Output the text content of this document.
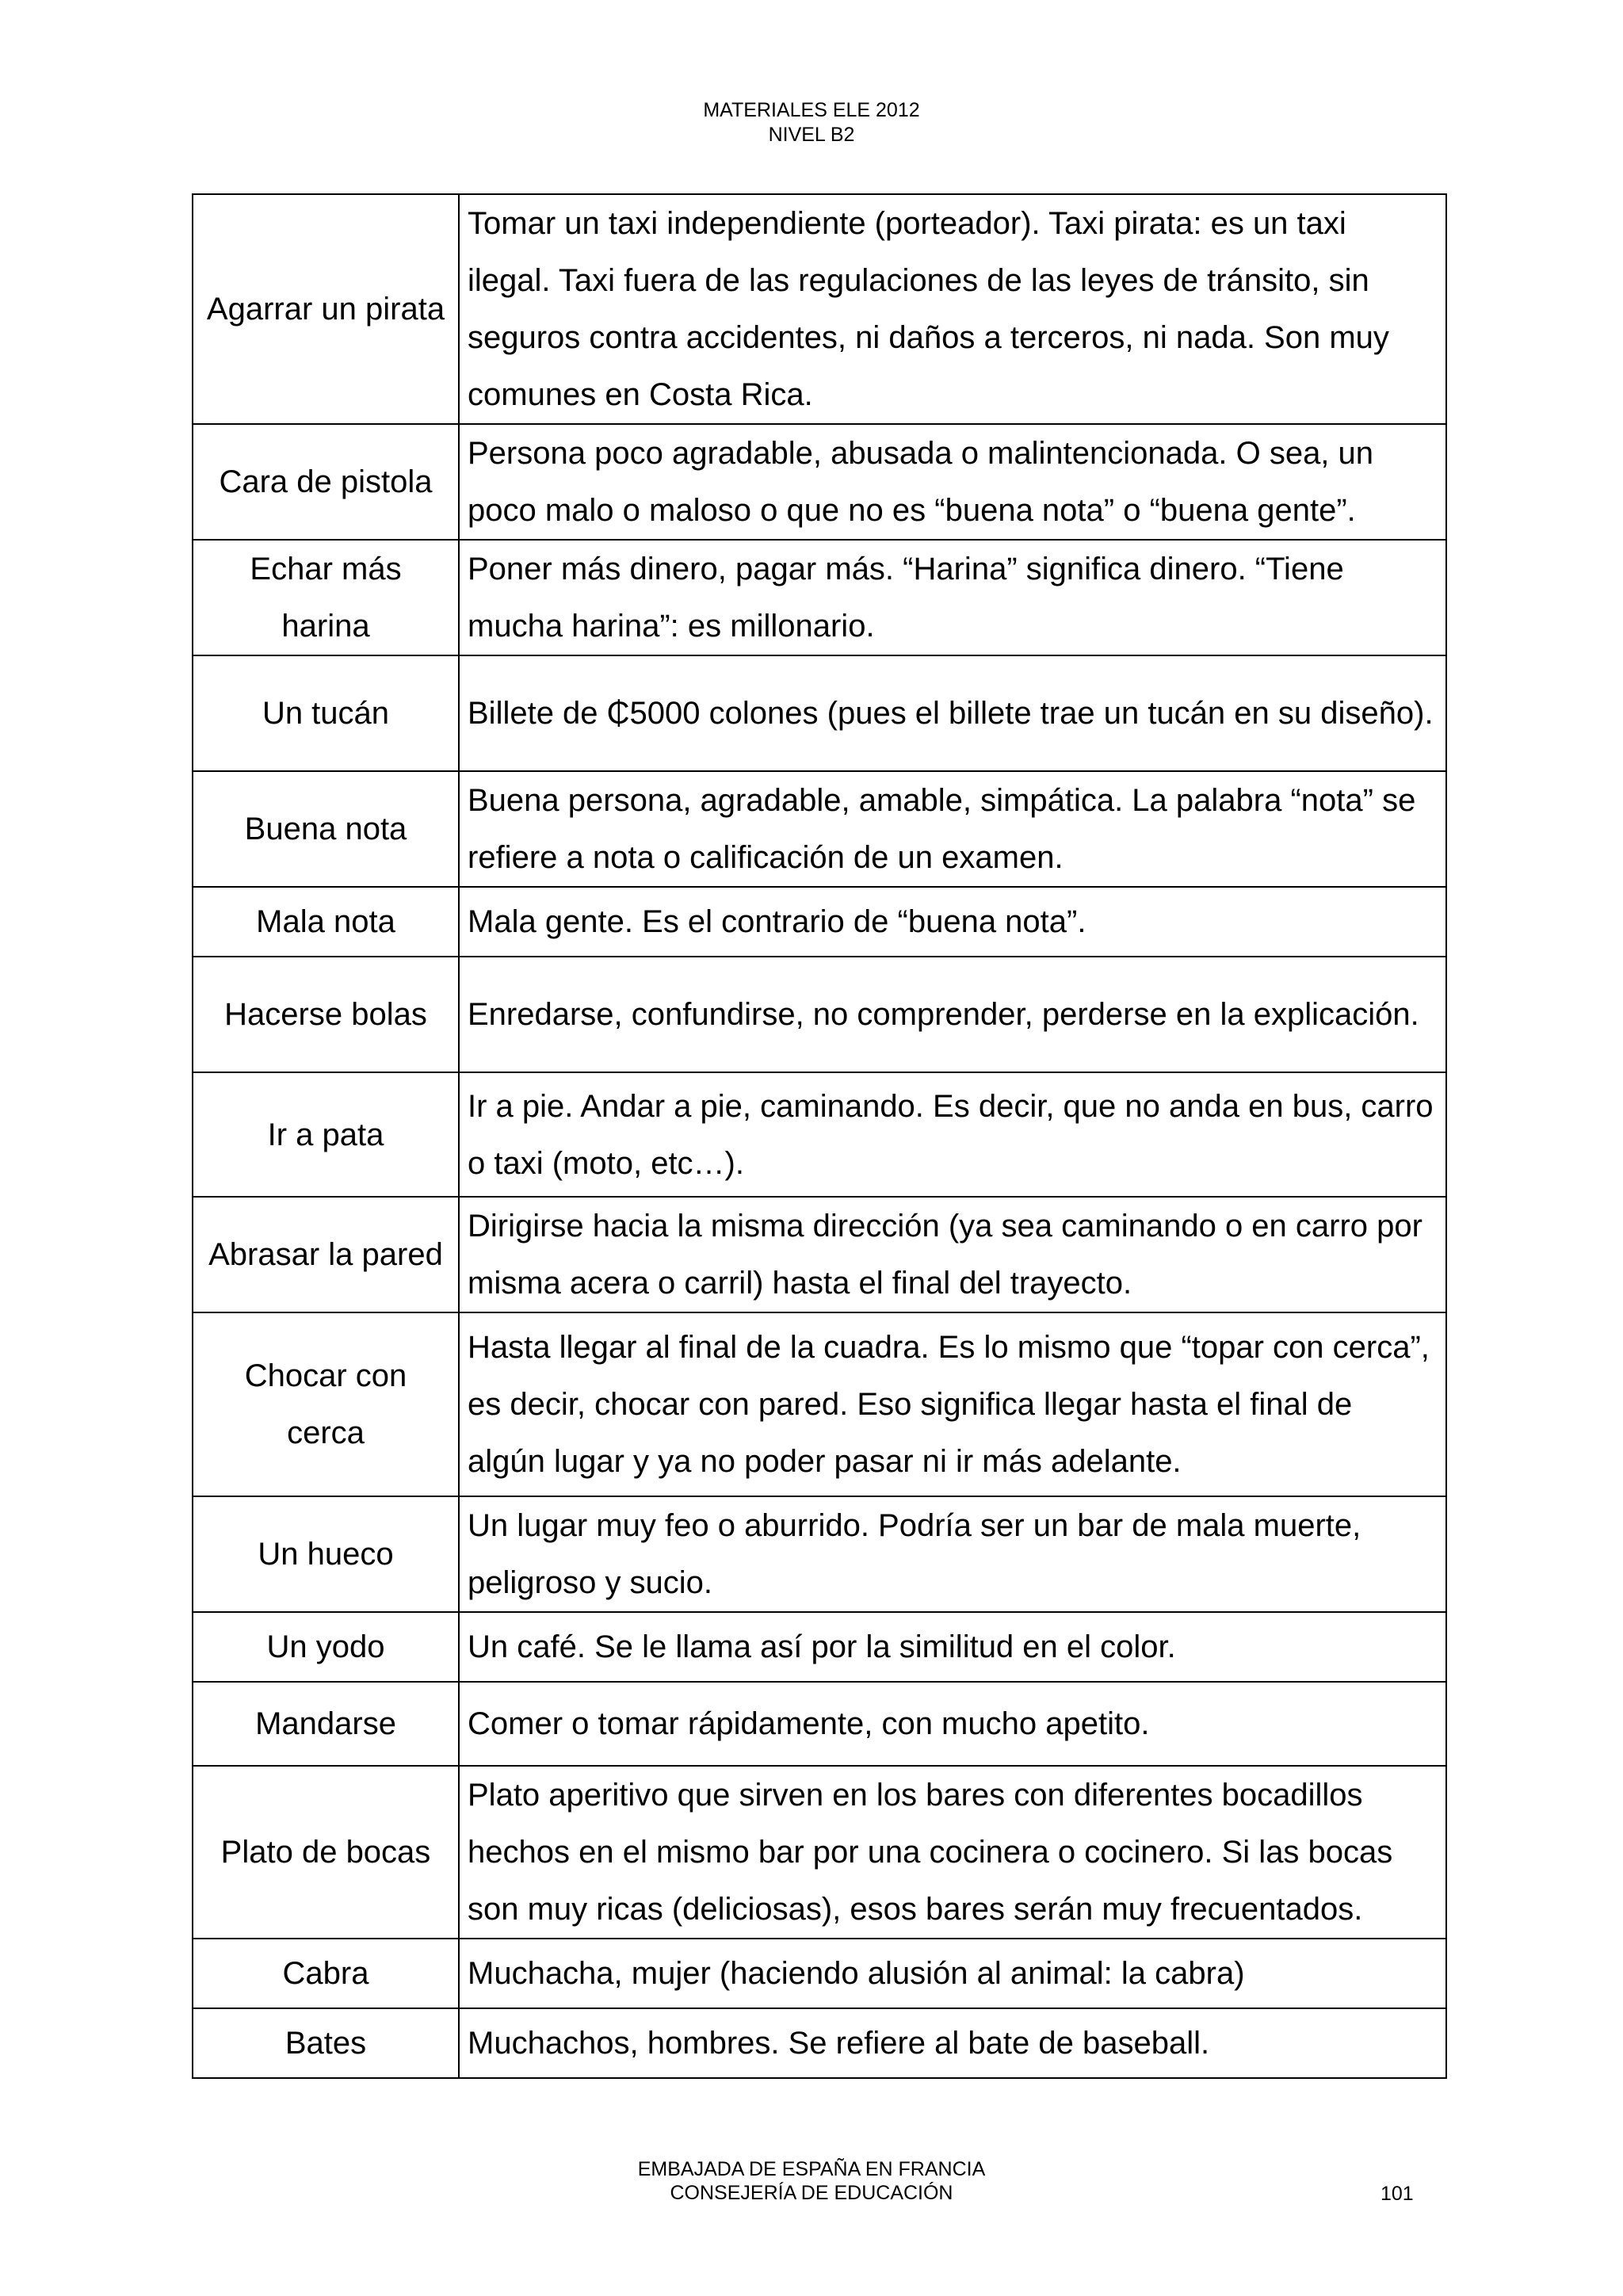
MATERIALES ELE 2012
NIVEL B2
Agarrar un pirata	Tomar un taxi independiente (porteador). Taxi pirata: es un taxi ilegal. Taxi fuera de las regulaciones de las leyes de tránsito, sin seguros contra accidentes, ni daños a terceros, ni nada. Son muy comunes en Costa Rica.
Cara de pistola	Persona poco agradable, abusada o malintencionada. O sea, un poco malo o maloso o que no es “buena nota” o “buena gente”.
Echar más harina	Poner más dinero, pagar más. “Harina” significa dinero. “Tiene mucha harina”: es millonario.
Un tucán	Billete de ₵5000 colones (pues el billete trae un tucán en su diseño).
Buena nota	Buena persona, agradable, amable, simpática. La palabra “nota” se refiere a nota o calificación de un examen.
Mala nota	Mala gente. Es el contrario de “buena nota”.
Hacerse bolas	Enredarse, confundirse, no comprender, perderse en la explicación.
Ir a pata	Ir a pie. Andar a pie, caminando. Es decir, que no anda en bus, carro o taxi (moto, etc…).
Abrasar la pared	Dirigirse hacia la misma dirección (ya sea caminando o en carro por misma acera o carril) hasta el final del trayecto.
Chocar con cerca	Hasta llegar al final de la cuadra. Es lo mismo que “topar con cerca”, es decir, chocar con pared. Eso significa llegar hasta el final de algún lugar y ya no poder pasar ni ir más adelante.
Un hueco	Un lugar muy feo o aburrido. Podría ser un bar de mala muerte, peligroso y sucio.
Un yodo	Un café. Se le llama así por la similitud en el color.
Mandarse	Comer o tomar rápidamente, con mucho apetito.
Plato de bocas	Plato aperitivo que sirven en los bares con diferentes bocadillos hechos en el mismo bar por una cocinera o cocinero. Si las bocas son muy ricas (deliciosas), esos bares serán muy frecuentados.
Cabra	Muchacha, mujer (haciendo alusión al animal: la cabra)
Bates	Muchachos, hombres. Se refiere al bate de baseball.
EMBAJADA DE ESPAÑA EN FRANCIA
CONSEJERÍA DE EDUCACIÓN	101
